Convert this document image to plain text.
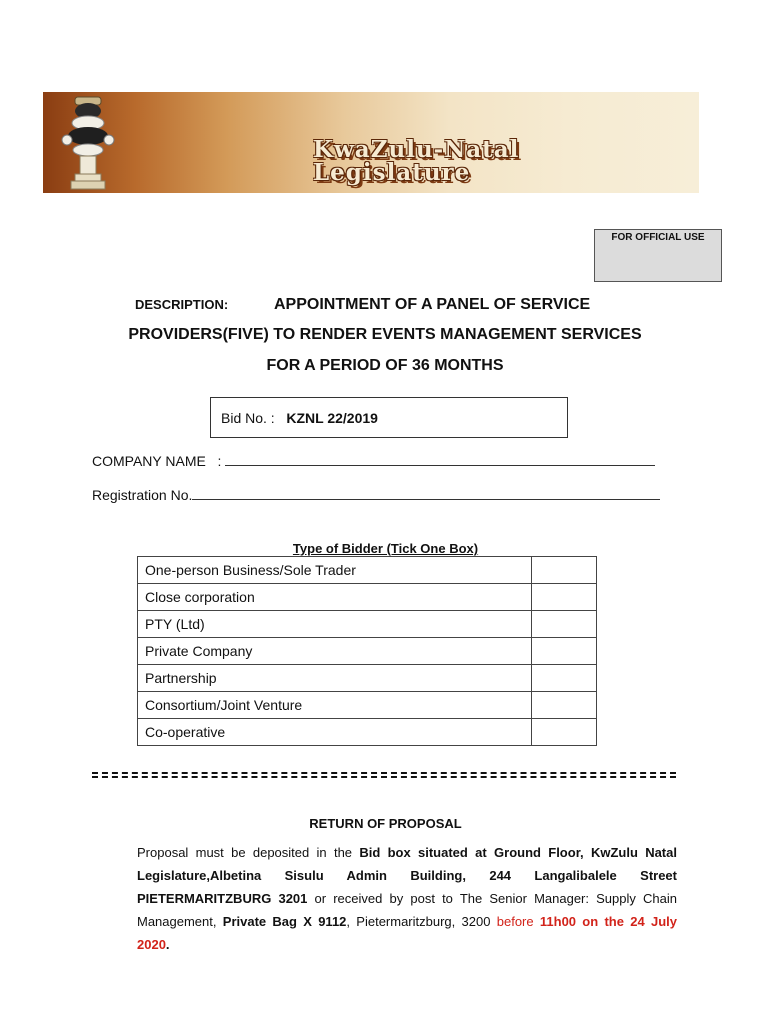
KwaZulu-Natal
Legislature
FOR OFFICIAL USE
DESCRIPTION:	APPOINTMENT OF A PANEL OF SERVICE
PROVIDERS(FIVE) TO RENDER EVENTS MANAGEMENT SERVICES
FOR A PERIOD OF 36 MONTHS
Bid No. : KZNL 22/2019
COMPANY NAME   :
Registration No.
Type of Bidder (Tick One Box)
One-person Business/Sole Trader	
Close corporation	
PTY (Ltd)	
Private Company	
Partnership	
Consortium/Joint Venture	
Co-operative	
RETURN OF PROPOSAL

Proposal must be deposited in the Bid box situated at Ground Floor, KwZulu Natal Legislature,Albetina Sisulu Admin Building, 244 Langalibalele Street PIETERMARITZBURG 3201 or received by post to The Senior Manager: Supply Chain Management, Private Bag X 9112, Pietermaritzburg, 3200 before 11h00 on the 24 July 2020.
